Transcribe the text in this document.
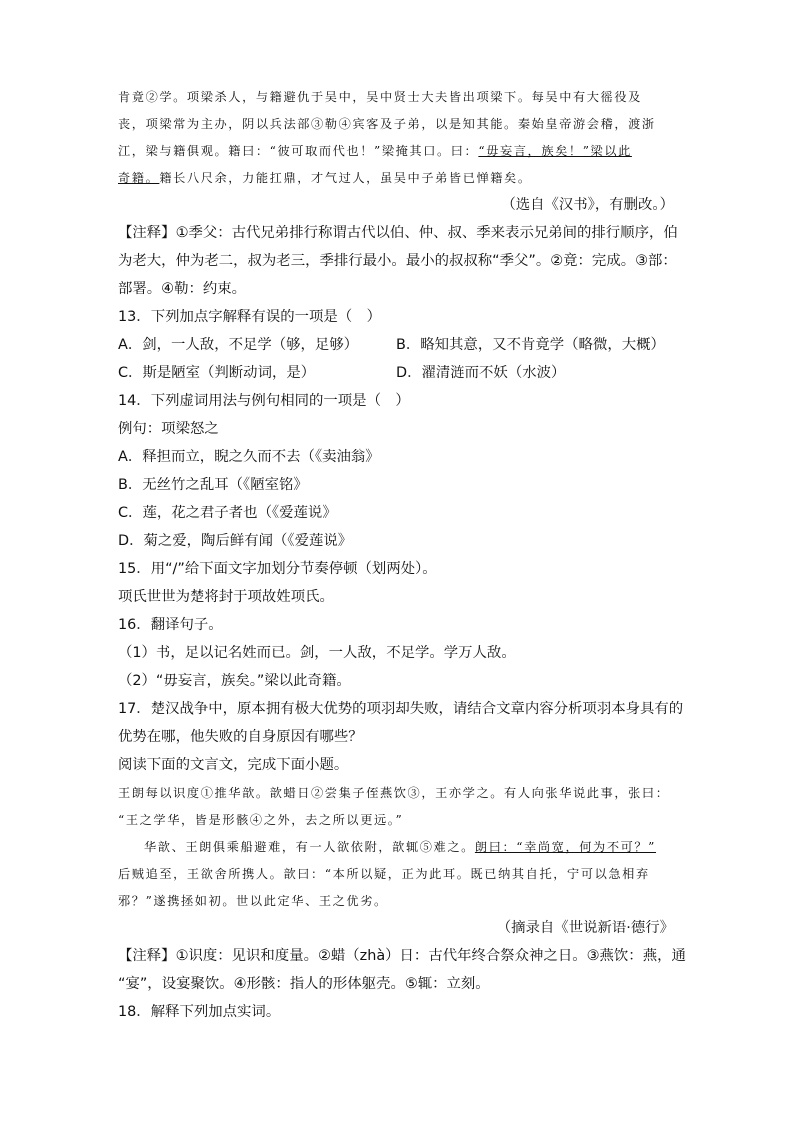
肯竟②学。项梁杀人，与籍避仇于吴中，吴中贤士大夫皆出项梁下。每吴中有大徭役及
丧，项梁常为主办，阴以兵法部③勒④宾客及子弟，以是知其能。秦始皇帝游会稽，渡浙
江，梁与籍俱观。籍曰：“彼可取而代也！”梁掩其口。曰：“毋妄言，族矣！”梁以此
奇籍。籍长八尺余，力能扛鼎，才气过人，虽吴中子弟皆已惮籍矣。
（选自《汉书》，有删改。）
【注释】①季父：古代兄弟排行称谓古代以伯、仲、叔、季来表示兄弟间的排行顺序，伯
为老大，仲为老二，叔为老三，季排行最小。最小的叔叔称“季父”。②竟：完成。③部：
部署。④勒：约束。
13．下列加点字解释有误的一项是（　）
A．剑，一人敌，不足学（够，足够）	B．略知其意，又不肯竟学（略微，大概）
C．斯是陋室（判断动词，是）	D．濯清涟而不妖（水波）
14．下列虚词用法与例句相同的一项是（　）
例句：项梁怒之
A．释担而立，睨之久而不去（《卖油翁》
B．无丝竹之乱耳（《陋室铭》
C．莲，花之君子者也（《爱莲说》
D．菊之爱，陶后鲜有闻（《爱莲说》
15．用“/”给下面文字加划分节奏停顿（划两处）。
项氏世世为楚将封于项故姓项氏。
16．翻译句子。
（1）书，足以记名姓而已。剑，一人敌，不足学。学万人敌。
（2）“毋妄言，族矣。”梁以此奇籍。
17．楚汉战争中，原本拥有极大优势的项羽却失败，请结合文章内容分析项羽本身具有的
优势在哪，他失败的自身原因有哪些？
阅读下面的文言文，完成下面小题。
王朗每以识度①推华歆。歆蜡日②尝集子侄燕饮③，王亦学之。有人向张华说此事，张曰：
“王之学华，皆是形骸④之外，去之所以更远。”
华歆、王朗俱乘船避难，有一人欲依附，歆辄⑤难之。朗曰：“幸尚宽，何为不可？”
后贼追至，王欲舍所携人。歆曰：“本所以疑，正为此耳。既已纳其自托，宁可以急相弃
邪？”遂携拯如初。世以此定华、王之优劣。
（摘录自《世说新语·德行》
【注释】①识度：见识和度量。②蜡（zhà）日：古代年终合祭众神之日。③燕饮：燕，通
“宴”，设宴聚饮。④形骸：指人的形体躯壳。⑤辄：立刻。
18．解释下列加点实词。
